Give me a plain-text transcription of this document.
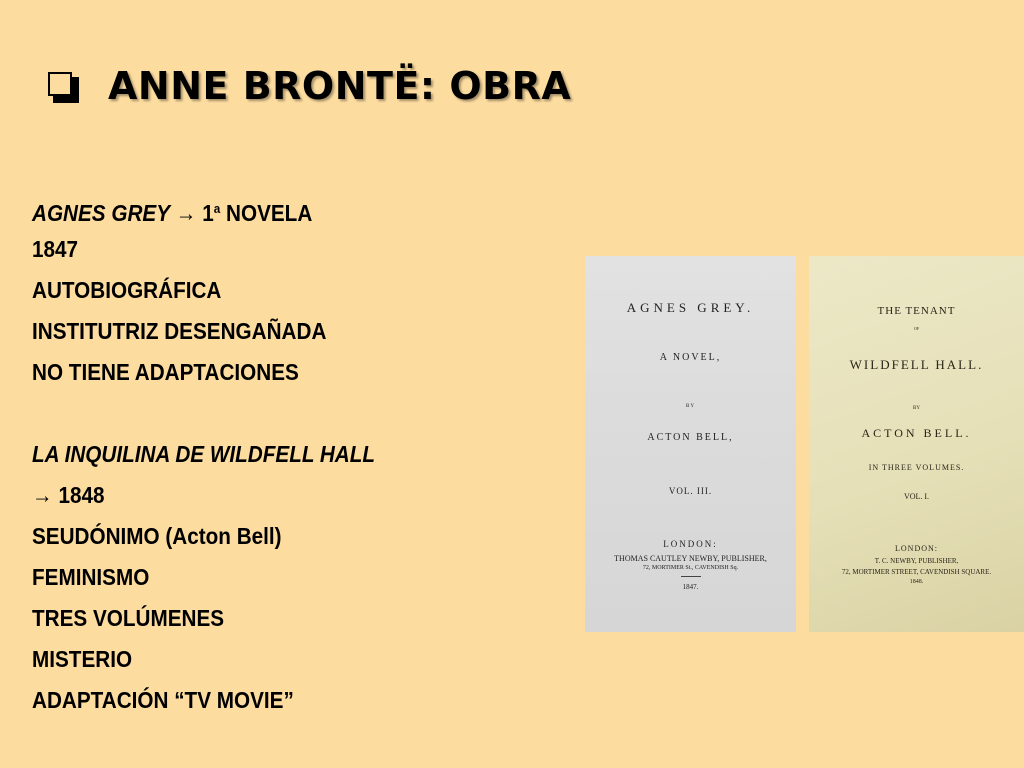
ANNE BRONTË: OBRA
AGNES GREY → $1^a$ NOVELA
1847
AUTOBIOGRÁFICA
INSTITUTRIZ DESENGAÑADA
NO TIENE ADAPTACIONES
LA INQUILINA DE WILDFELL HALL
→ 1848
SEUDÓNIMO (Acton Bell)
FEMINISMO
TRES VOLÚMENES
MISTERIO
ADAPTACIÓN “TV MOVIE”
AGNES GREY.
A NOVEL,
BY
ACTON BELL,
VOL. III.
LONDON:
THOMAS CAUTLEY NEWBY, PUBLISHER,
72, MORTIMER St., CAVENDISH Sq.
1847.
THE TENANT
OF
WILDFELL HALL.
BY
ACTON BELL.
IN THREE VOLUMES.
VOL. I.
LONDON:
T. C. NEWBY, PUBLISHER,
72, MORTIMER STREET, CAVENDISH SQUARE.
1848.
